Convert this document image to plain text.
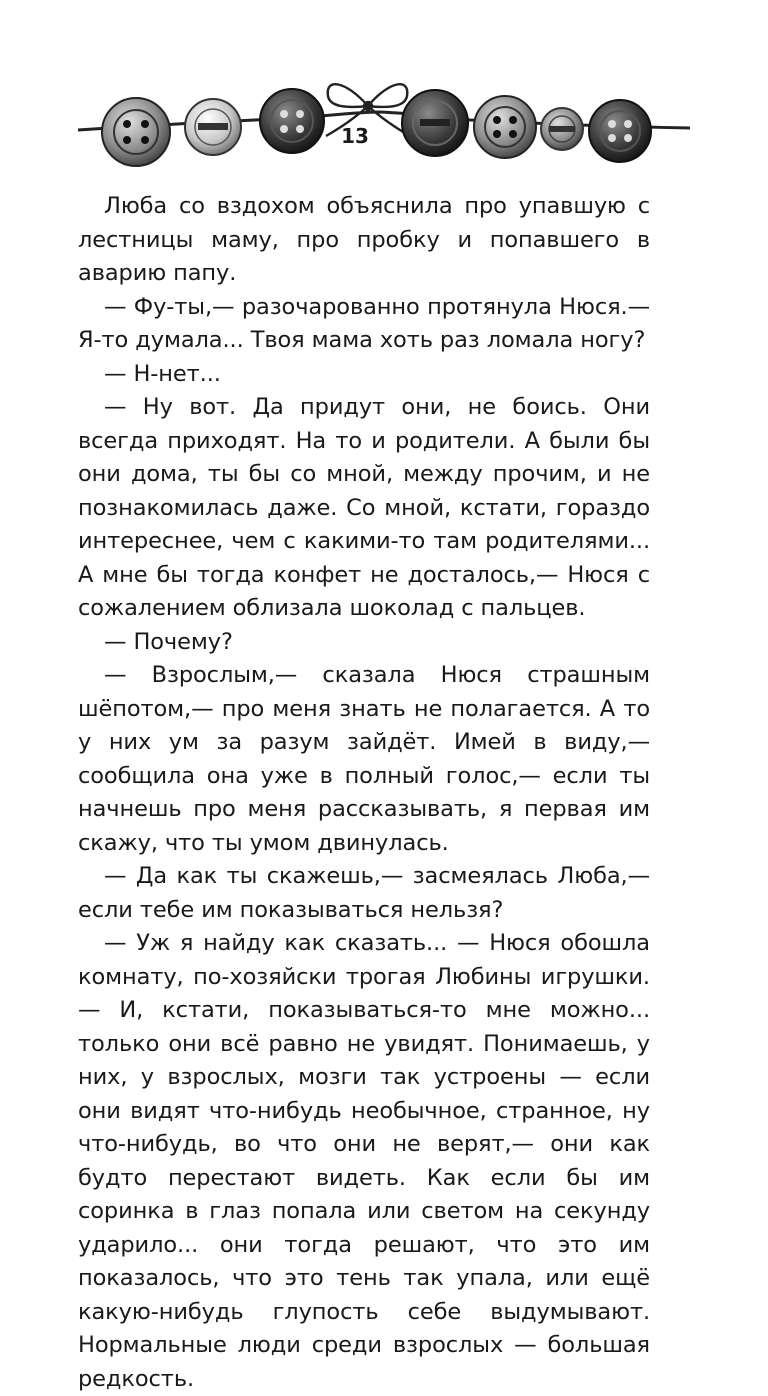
13

Люба со вздохом объяснила про упавшую с лестницы маму, про пробку и попавшего в аварию папу.

— Фу-ты,— разочарованно протянула Нюся.— Я-то думала... Твоя мама хоть раз ломала ногу?

— Н-нет...

— Ну вот. Да придут они, не боись. Они всегда приходят. На то и родители. А были бы они дома, ты бы со мной, между прочим, и не познакомилась даже. Со мной, кстати, гораздо интереснее, чем с какими-то там родителями... А мне бы тогда конфет не досталось,— Нюся с сожалением облизала шоколад с пальцев.

— Почему?

— Взрослым,— сказала Нюся страшным шёпотом,— про меня знать не полагается. А то у них ум за разум зайдёт. Имей в виду,— сообщила она уже в полный голос,— если ты начнешь про меня рассказывать, я первая им скажу, что ты умом двинулась.

— Да как ты скажешь,— засмеялась Люба,— если тебе им показываться нельзя?

— Уж я найду как сказать... — Нюся обошла комнату, по-хозяйски трогая Любины игрушки.— И, кстати, показываться-то мне можно... только они всё равно не увидят. Понимаешь, у них, у взрослых, мозги так устроены — если они видят что-нибудь необычное, странное, ну что-нибудь, во что они не верят,— они как будто перестают видеть. Как если бы им соринка в глаз попала или светом на секунду ударило... они тогда решают, что это им показалось, что это тень так упала, или ещё какую-нибудь глупость себе выдумывают. Нормальные люди среди взрослых — большая редкость.
